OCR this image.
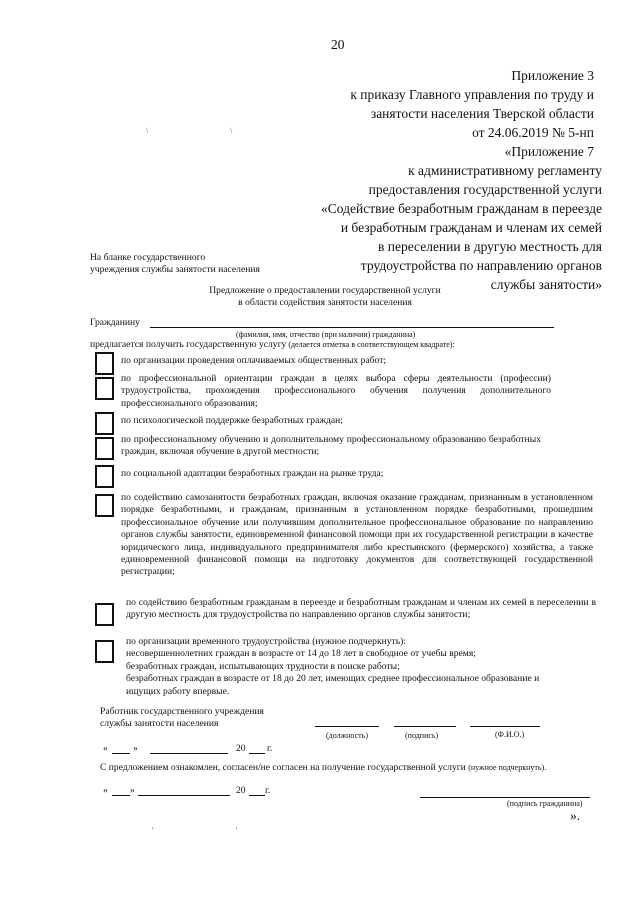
20
Приложение 3
к приказу Главного управления по труду и
занятости населения Тверской области
от 24.06.2019 № 5-нп
«Приложение 7
к административному регламенту
предоставления государственной услуги
«Содействие безработным гражданам в переезде
и безработным гражданам и членам их семей
в переселении в другую местность для
трудоустройства по направлению органов
службы занятости»
На бланке государственного
учреждения службы занятости населения
Предложение о предоставлении государственной услуги
в области содействия занятости населения
Гражданину
(фамилия, имя, отчество (при наличии) гражданина)
предлагается получить государственную услугу (делается отметка в соответствующем квадрате):
по организации проведения оплачиваемых общественных работ;
по профессиональной ориентации граждан в целях выбора сферы деятельности (профессии) трудоустройства, прохождения профессионального обучения получения дополнительного профессионального образования;
по психологической поддержке безработных граждан;
по профессиональному обучению и дополнительному профессиональному образованию безработных граждан, включая обучение в другой местности;
по социальной адаптации безработных граждан на рынке труда;
по содействию самозанятости безработных граждан, включая оказание гражданам, признанным в установленном порядке безработными, и гражданам, признанным в установленном порядке безработными, прошедшим профессиональное обучение или получившим дополнительное профессиональное образование по направлению органов службы занятости, единовременной финансовой помощи при их государственной регистрации в качестве юридического лица, индивидуального предпринимателя либо крестьянского (фермерского) хозяйства, а также единовременной финансовой помощи на подготовку документов для соответствующей государственной регистрации;
по содействию безработным гражданам в переезде и безработным гражданам и членам их семей в переселении в другую местность для трудоустройства по направлению органов службы занятости;
по организации временного трудоустройства (нужное подчеркнуть):
несовершеннолетних граждан в возрасте от 14 до 18 лет в свободное от учебы время;
безработных граждан, испытывающих трудности в поиске работы;
безработных граждан в возрасте от 18 до 20 лет, имеющих среднее профессиональное образование и ищущих работу впервые.
Работник государственного учреждения
службы занятости населения
(должность)	(подпись)	(Ф.И.О.)
«	»	20 г.
С предложением ознакомлен, согласен/не согласен на получение государственной услуги (нужное подчеркнуть).
« »	20 г.
(подпись гражданина)
».
\	\
'	'
